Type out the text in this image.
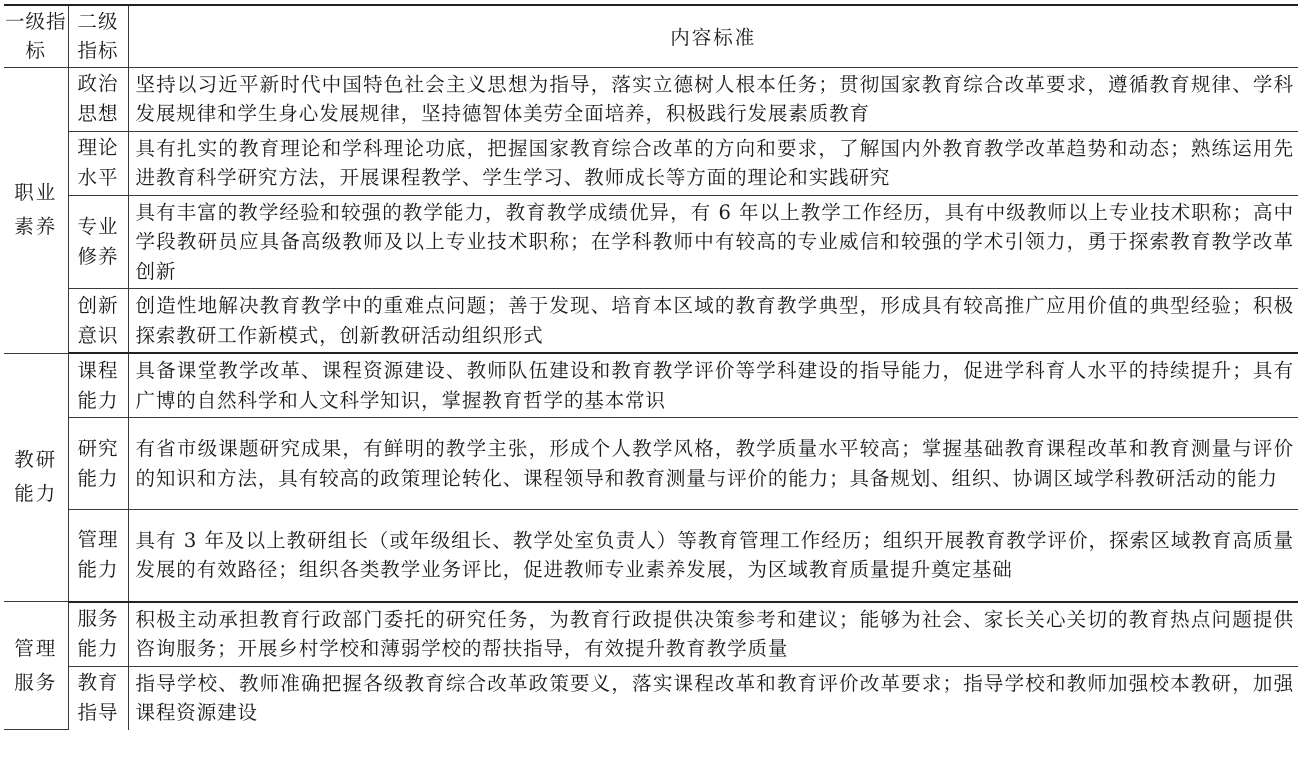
一级指标	二级指标	内容标准
职业素养	政治思想	坚持以习近平新时代中国特色社会主义思想为指导，落实立德树人根本任务；贯彻国家教育综合改革要求，遵循教育规律、学科发展规律和学生身心发展规律，坚持德智体美劳全面培养，积极践行发展素质教育
	理论水平	具有扎实的教育理论和学科理论功底，把握国家教育综合改革的方向和要求，了解国内外教育教学改革趋势和动态；熟练运用先进教育科学研究方法，开展课程教学、学生学习、教师成长等方面的理论和实践研究
	专业修养	具有丰富的教学经验和较强的教学能力，教育教学成绩优异，有 6 年以上教学工作经历，具有中级教师以上专业技术职称；高中学段教研员应具备高级教师及以上专业技术职称；在学科教师中有较高的专业威信和较强的学术引领力，勇于探索教育教学改革创新
	创新意识	创造性地解决教育教学中的重难点问题；善于发现、培育本区域的教育教学典型，形成具有较高推广应用价值的典型经验；积极探索教研工作新模式，创新教研活动组织形式
教研能力	课程能力	具备课堂教学改革、课程资源建设、教师队伍建设和教育教学评价等学科建设的指导能力，促进学科育人水平的持续提升；具有广博的自然科学和人文科学知识，掌握教育哲学的基本常识
	研究能力	有省市级课题研究成果，有鲜明的教学主张，形成个人教学风格，教学质量水平较高；掌握基础教育课程改革和教育测量与评价的知识和方法，具有较高的政策理论转化、课程领导和教育测量与评价的能力；具备规划、组织、协调区域学科教研活动的能力
	管理能力	具有 3 年及以上教研组长（或年级组长、教学处室负责人）等教育管理工作经历；组织开展教育教学评价，探索区域教育高质量发展的有效路径；组织各类教学业务评比，促进教师专业素养发展，为区域教育质量提升奠定基础
管理服务	服务能力	积极主动承担教育行政部门委托的研究任务，为教育行政提供决策参考和建议；能够为社会、家长关心关切的教育热点问题提供咨询服务；开展乡村学校和薄弱学校的帮扶指导，有效提升教育教学质量
	教育指导	指导学校、教师准确把握各级教育综合改革政策要义，落实课程改革和教育评价改革要求；指导学校和教师加强校本教研，加强课程资源建设
